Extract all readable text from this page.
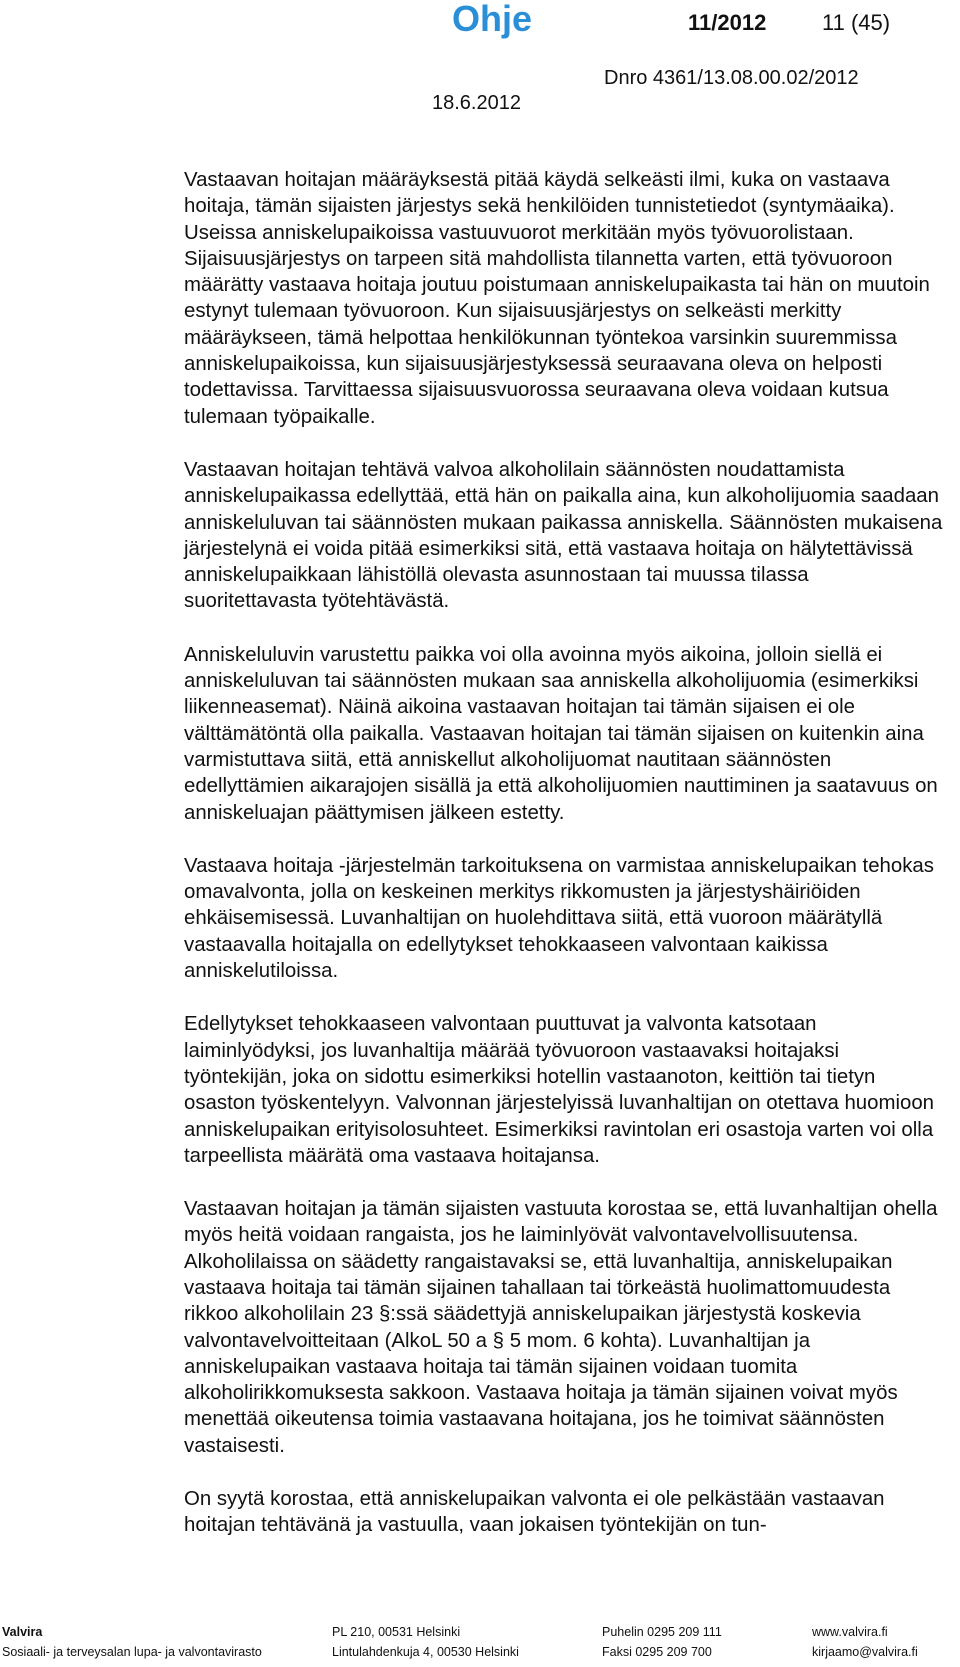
Ohje	11/2012	11 (45)
Dnro 4361/13.08.00.02/2012
18.6.2012

Vastaavan hoitajan määräyksestä pitää käydä selkeästi ilmi, kuka on vastaava hoitaja, tämän sijaisten järjestys sekä henkilöiden tunnistetiedot (syntymäaika). Useissa anniskelupaikoissa vastuuvuorot merkitään myös työvuorolistaan. Sijaisuusjärjestys on tarpeen sitä mahdollista tilannetta varten, että työvuoroon määrätty vastaava hoitaja joutuu poistumaan anniskelupaikasta tai hän on muutoin estynyt tulemaan työvuoroon. Kun sijaisuusjärjestys on selkeästi merkitty määräykseen, tämä helpottaa henkilökunnan työntekoa varsinkin suuremmissa anniskelupaikoissa, kun sijaisuusjärjestyksessä seuraavana oleva on helposti todettavissa. Tarvittaessa sijaisuusvuorossa seuraavana oleva voidaan kutsua tulemaan työpaikalle.

Vastaavan hoitajan tehtävä valvoa alkoholilain säännösten noudattamista anniskelupaikassa edellyttää, että hän on paikalla aina, kun alkoholijuomia saadaan anniskeluluvan tai säännösten mukaan paikassa anniskella. Säännösten mukaisena järjestelynä ei voida pitää esimerkiksi sitä, että vastaava hoitaja on hälytettävissä anniskelupaikkaan lähistöllä olevasta asunnostaan tai muussa tilassa suoritettavasta työtehtävästä.

Anniskeluluvin varustettu paikka voi olla avoinna myös aikoina, jolloin siellä ei anniskeluluvan tai säännösten mukaan saa anniskella alkoholijuomia (esimerkiksi liikenneasemat). Näinä aikoina vastaavan hoitajan tai tämän sijaisen ei ole välttämätöntä olla paikalla. Vastaavan hoitajan tai tämän sijaisen on kuitenkin aina varmistuttava siitä, että anniskellut alkoholijuomat nautitaan säännösten edellyttämien aikarajojen sisällä ja että alkoholijuomien nauttiminen ja saatavuus on anniskeluajan päättymisen jälkeen estetty.

Vastaava hoitaja -järjestelmän tarkoituksena on varmistaa anniskelupaikan tehokas omavalvonta, jolla on keskeinen merkitys rikkomusten ja järjestyshäiriöiden ehkäisemisessä. Luvanhaltijan on huolehdittava siitä, että vuoroon määrätyllä vastaavalla hoitajalla on edellytykset tehokkaaseen valvontaan kaikissa anniskelutiloissa.

Edellytykset tehokkaaseen valvontaan puuttuvat ja valvonta katsotaan laiminlyödyksi, jos luvanhaltija määrää työvuoroon vastaavaksi hoitajaksi työntekijän, joka on sidottu esimerkiksi hotellin vastaanoton, keittiön tai tietyn osaston työskentelyyn. Valvonnan järjestelyissä luvanhaltijan on otettava huomioon anniskelupaikan erityisolosuhteet. Esimerkiksi ravintolan eri osastoja varten voi olla tarpeellista määrätä oma vastaava hoitajansa.

Vastaavan hoitajan ja tämän sijaisten vastuuta korostaa se, että luvanhaltijan ohella myös heitä voidaan rangaista, jos he laiminlyövät valvontavelvollisuutensa. Alkoholilaissa on säädetty rangaistavaksi se, että luvanhaltija, anniskelupaikan vastaava hoitaja tai tämän sijainen tahallaan tai törkeästä huolimattomuudesta rikkoo alkoholilain 23 §:ssä säädettyjä anniskelupaikan järjestystä koskevia valvontavelvoitteitaan (AlkoL 50 a § 5 mom. 6 kohta). Luvanhaltijan ja anniskelupaikan vastaava hoitaja tai tämän sijainen voidaan tuomita alkoholirikkomuksesta sakkoon. Vastaava hoitaja ja tämän sijainen voivat myös menettää oikeutensa toimia vastaavana hoitajana, jos he toimivat säännösten vastaisesti.

On syytä korostaa, että anniskelupaikan valvonta ei ole pelkästään vastaavan hoitajan tehtävänä ja vastuulla, vaan jokaisen työntekijän on tun-

Valvira
Sosiaali- ja terveysalan lupa- ja valvontavirasto
PL 210, 00531 Helsinki
Lintulahdenkuja 4, 00530 Helsinki
Puhelin 0295 209 111
Faksi 0295 209 700
www.valvira.fi
kirjaamo@valvira.fi
